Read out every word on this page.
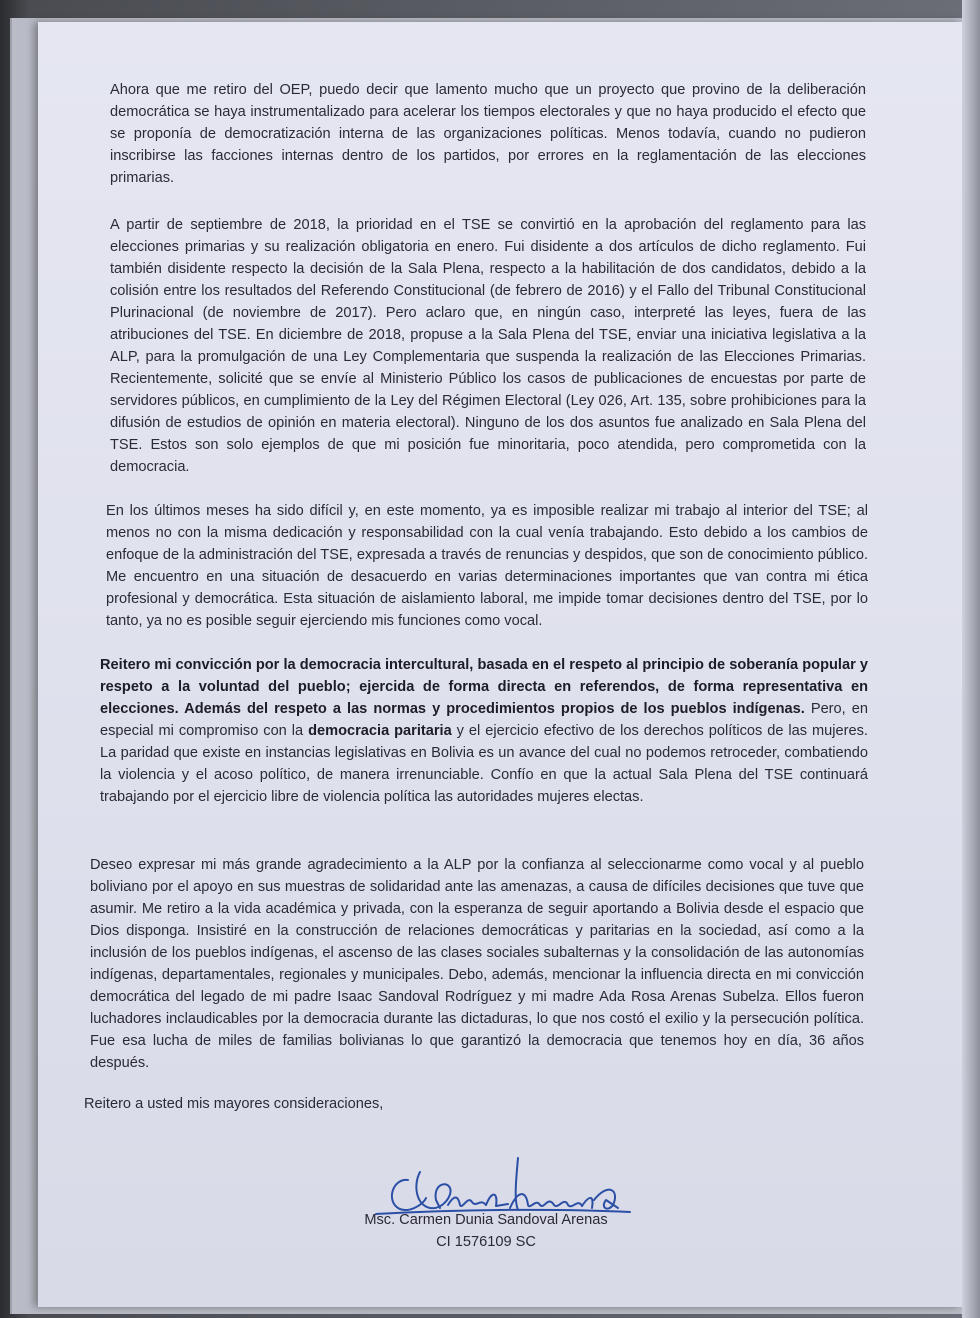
Ahora que me retiro del OEP, puedo decir que lamento mucho que un proyecto que provino de la deliberación democrática se haya instrumentalizado para acelerar los tiempos electorales y que no haya producido el efecto que se proponía de democratización interna de las organizaciones políticas. Menos todavía, cuando no pudieron inscribirse las facciones internas dentro de los partidos, por errores en la reglamentación de las elecciones primarias.
A partir de septiembre de 2018, la prioridad en el TSE se convirtió en la aprobación del reglamento para las elecciones primarias y su realización obligatoria en enero. Fui disidente a dos artículos de dicho reglamento. Fui también disidente respecto la decisión de la Sala Plena, respecto a la habilitación de dos candidatos, debido a la colisión entre los resultados del Referendo Constitucional (de febrero de 2016) y el Fallo del Tribunal Constitucional Plurinacional (de noviembre de 2017). Pero aclaro que, en ningún caso, interpreté las leyes, fuera de las atribuciones del TSE. En diciembre de 2018, propuse a la Sala Plena del TSE, enviar una iniciativa legislativa a la ALP, para la promulgación de una Ley Complementaria que suspenda la realización de las Elecciones Primarias. Recientemente, solicité que se envíe al Ministerio Público los casos de publicaciones de encuestas por parte de servidores públicos, en cumplimiento de la Ley del Régimen Electoral (Ley 026, Art. 135, sobre prohibiciones para la difusión de estudios de opinión en materia electoral). Ninguno de los dos asuntos fue analizado en Sala Plena del TSE. Estos son solo ejemplos de que mi posición fue minoritaria, poco atendida, pero comprometida con la democracia.
En los últimos meses ha sido difícil y, en este momento, ya es imposible realizar mi trabajo al interior del TSE; al menos no con la misma dedicación y responsabilidad con la cual venía trabajando. Esto debido a los cambios de enfoque de la administración del TSE, expresada a través de renuncias y despidos, que son de conocimiento público. Me encuentro en una situación de desacuerdo en varias determinaciones importantes que van contra mi ética profesional y democrática. Esta situación de aislamiento laboral, me impide tomar decisiones dentro del TSE, por lo tanto, ya no es posible seguir ejerciendo mis funciones como vocal.
Reitero mi convicción por la democracia intercultural, basada en el respeto al principio de soberanía popular y respeto a la voluntad del pueblo; ejercida de forma directa en referendos, de forma representativa en elecciones. Además del respeto a las normas y procedimientos propios de los pueblos indígenas. Pero, en especial mi compromiso con la democracia paritaria y el ejercicio efectivo de los derechos políticos de las mujeres. La paridad que existe en instancias legislativas en Bolivia es un avance del cual no podemos retroceder, combatiendo la violencia y el acoso político, de manera irrenunciable. Confío en que la actual Sala Plena del TSE continuará trabajando por el ejercicio libre de violencia política las autoridades mujeres electas.
Deseo expresar mi más grande agradecimiento a la ALP por la confianza al seleccionarme como vocal y al pueblo boliviano por el apoyo en sus muestras de solidaridad ante las amenazas, a causa de difíciles decisiones que tuve que asumir. Me retiro a la vida académica y privada, con la esperanza de seguir aportando a Bolivia desde el espacio que Dios disponga. Insistiré en la construcción de relaciones democráticas y paritarias en la sociedad, así como a la inclusión de los pueblos indígenas, el ascenso de las clases sociales subalternas y la consolidación de las autonomías indígenas, departamentales, regionales y municipales. Debo, además, mencionar la influencia directa en mi convicción democrática del legado de mi padre Isaac Sandoval Rodríguez y mi madre Ada Rosa Arenas Subelza. Ellos fueron luchadores inclaudicables por la democracia durante las dictaduras, lo que nos costó el exilio y la persecución política. Fue esa lucha de miles de familias bolivianas lo que garantizó la democracia que tenemos hoy en día, 36 años después.
Reitero a usted mis mayores consideraciones,
Msc. Carmen Dunia Sandoval Arenas
CI 1576109 SC
